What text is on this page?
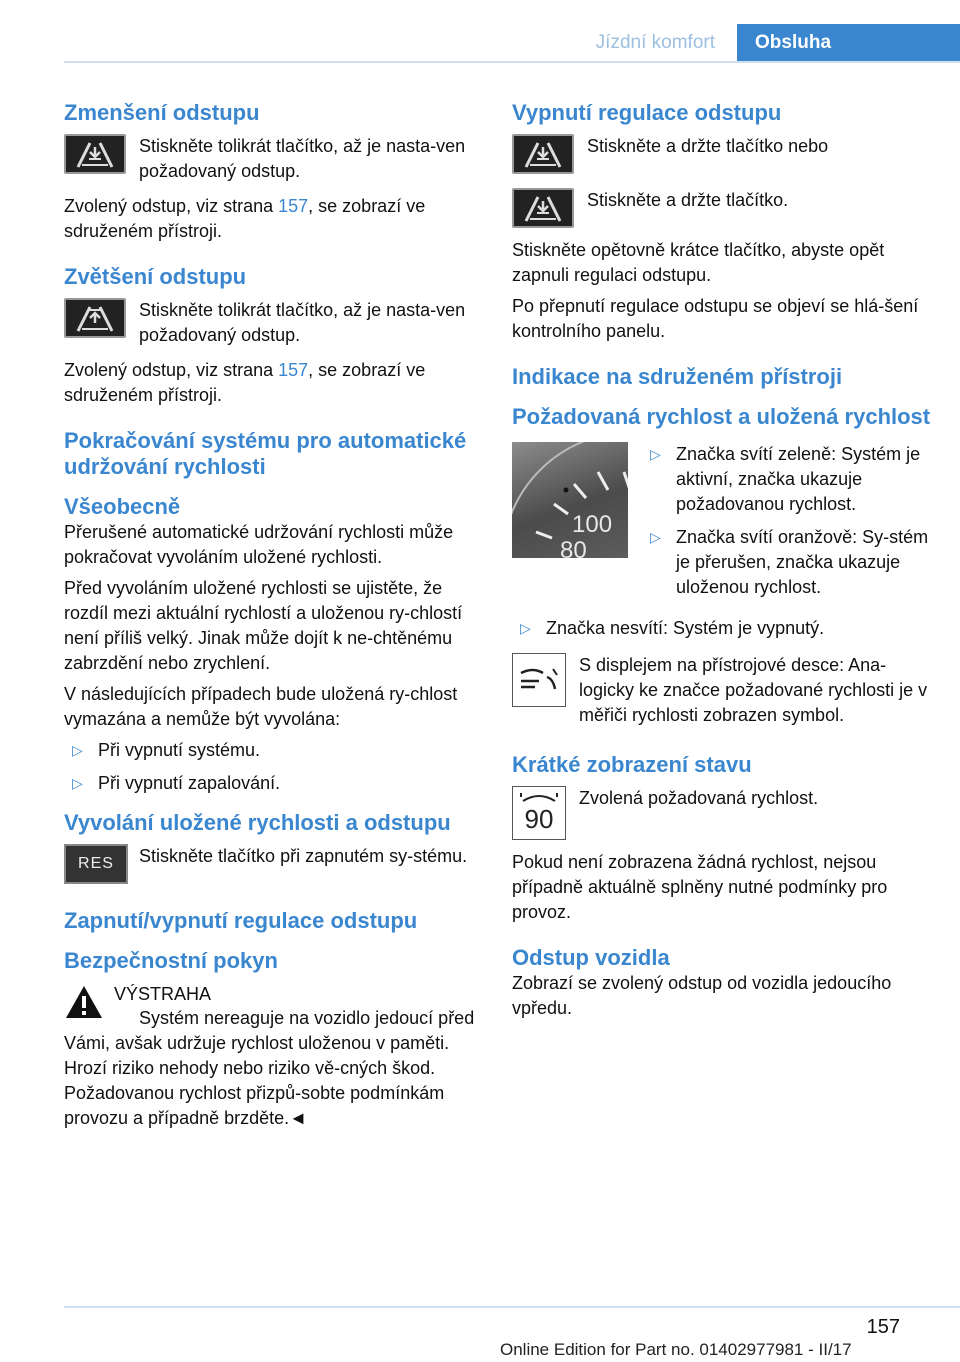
Jízdní komfort	Obsluha
Zmenšení odstupu

Stiskněte tolikrát tlačítko, až je nasta-ven požadovaný odstup.

Zvolený odstup, viz strana 157, se zobrazí ve sdruženém přístroji.

Zvětšení odstupu

Stiskněte tolikrát tlačítko, až je nasta-ven požadovaný odstup.

Zvolený odstup, viz strana 157, se zobrazí ve sdruženém přístroji.

Pokračování systému pro automatické udržování rychlosti
Všeobecně

Přerušené automatické udržování rychlosti může pokračovat vyvoláním uložené rychlosti.

Před vyvoláním uložené rychlosti se ujistěte, že rozdíl mezi aktuální rychlostí a uloženou ry-chlostí není příliš velký. Jinak může dojít k ne-chtěnému zabrzdění nebo zrychlení.

V následujících případech bude uložená ry-chlost vymazána a nemůže být vyvolána:

▷ Při vypnutí systému.
▷ Při vypnutí zapalování.
Vyvolání uložené rychlosti a odstupu
RES	Stiskněte tlačítko při zapnutém sy-stému.

Zapnutí/vypnutí regulace odstupu
Bezpečnostní pokyn

VÝSTRAHA

Systém nereaguje na vozidlo jedoucí před Vámi, avšak udržuje rychlost uloženou v paměti. Hrozí riziko nehody nebo riziko vě-cných škod. Požadovanou rychlost přizpů-sobte podmínkám provozu a případně brzděte.◄

Vypnutí regulace odstupu

Stiskněte a držte tlačítko nebo

Stiskněte a držte tlačítko.

Stiskněte opětovně krátce tlačítko, abyste opět zapnuli regulaci odstupu.

Po přepnutí regulace odstupu se objeví se hlá-šení kontrolního panelu.

Indikace na sdruženém přístroji
Požadovaná rychlost a uložená rychlost
100
80
▷ Značka svítí zeleně: Systém je aktivní, značka ukazuje požadovanou rychlost.
▷ Značka svítí oranžově: Sy-stém je přerušen, značka ukazuje uloženou rychlost.
▷ Značka nesvítí: Systém je vypnutý.

S displejem na přístrojové desce: Ana-logicky ke značce požadované rychlosti je v měřiči rychlosti zobrazen symbol.

Krátké zobrazení stavu
90

Zvolená požadovaná rychlost.

Pokud není zobrazena žádná rychlost, nejsou případně aktuálně splněny nutné podmínky pro provoz.

Odstup vozidla

Zobrazí se zvolený odstup od vozidla jedoucího vpředu.

157
Online Edition for Part no. 01402977981 - II/17
